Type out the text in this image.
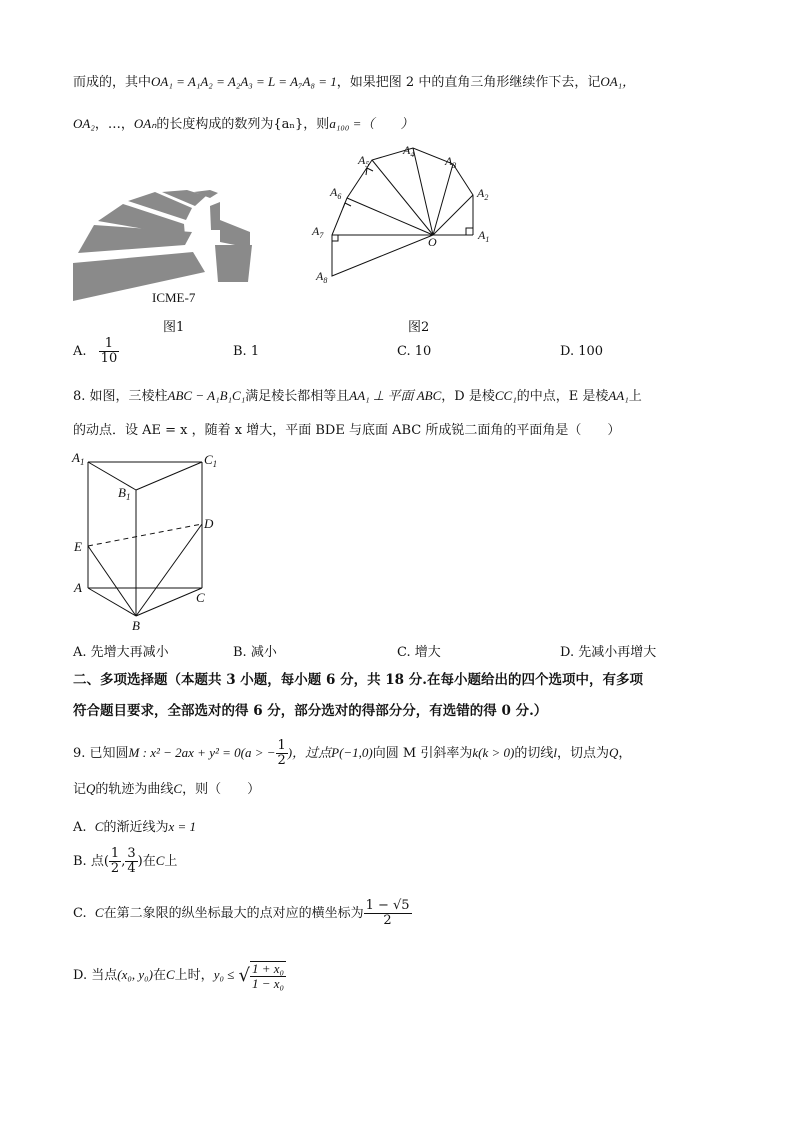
而成的，其中OA₁ = A₁A₂ = A₂A₃ = L = A₇A₈ = 1，如果把图 2 中的直角三角形继续作下去，记OA₁，
OA₂，…，OAₙ的长度构成的数列为{aₙ}，则a₁₀₀ =（　　）
ICME-7
图1
$A_1$
$A_2$
$A_3$
$A_4$
$A_5$
$A_6$
$A_7$
$A_8$
O
图2
A. $\frac{1}{10}$	B. 1	C. 10	D. 100
8. 如图，三棱柱ABC − A₁B₁C₁满足棱长都相等且AA₁ ⊥ 平面 ABC，D 是棱CC₁的中点，E 是棱AA₁上
的动点．设 AE = x ，随着 x 增大，平面 BDE 与底面 ABC 所成锐二面角的平面角是（　　）
$A_1$	$C_1$
$B_1$
D
E
A
C
B
A. 先增大再减小	B. 减小	C. 增大	D. 先减小再增大
二、多项选择题（本题共 3 小题，每小题 6 分，共 18 分.在每小题给出的四个选项中，有多项
符合题目要求，全部选对的得 6 分，部分选对的得部分分，有选错的得 0 分.）
9. 已知圆M : x² − 2ax + y² = 0(a > − $\frac{1}{2}$ )，过点P(−1,0)向圆 M 引斜率为k(k > 0)的切线l，切点为Q，
记Q的轨迹为曲线C，则（　　）
A. C的渐近线为x = 1
B. 点( $\frac{1}{2}$ , $\frac{3}{4}$ )在C上
C. C在第二象限的纵坐标最大的点对应的横坐标为 $\frac{1 - √5}{2}$
D. 当点(x₀, y₀)在C上时，y₀ ≤ √ $\frac{\text{1 + x₀}}{\text{1 − x₀}}$
